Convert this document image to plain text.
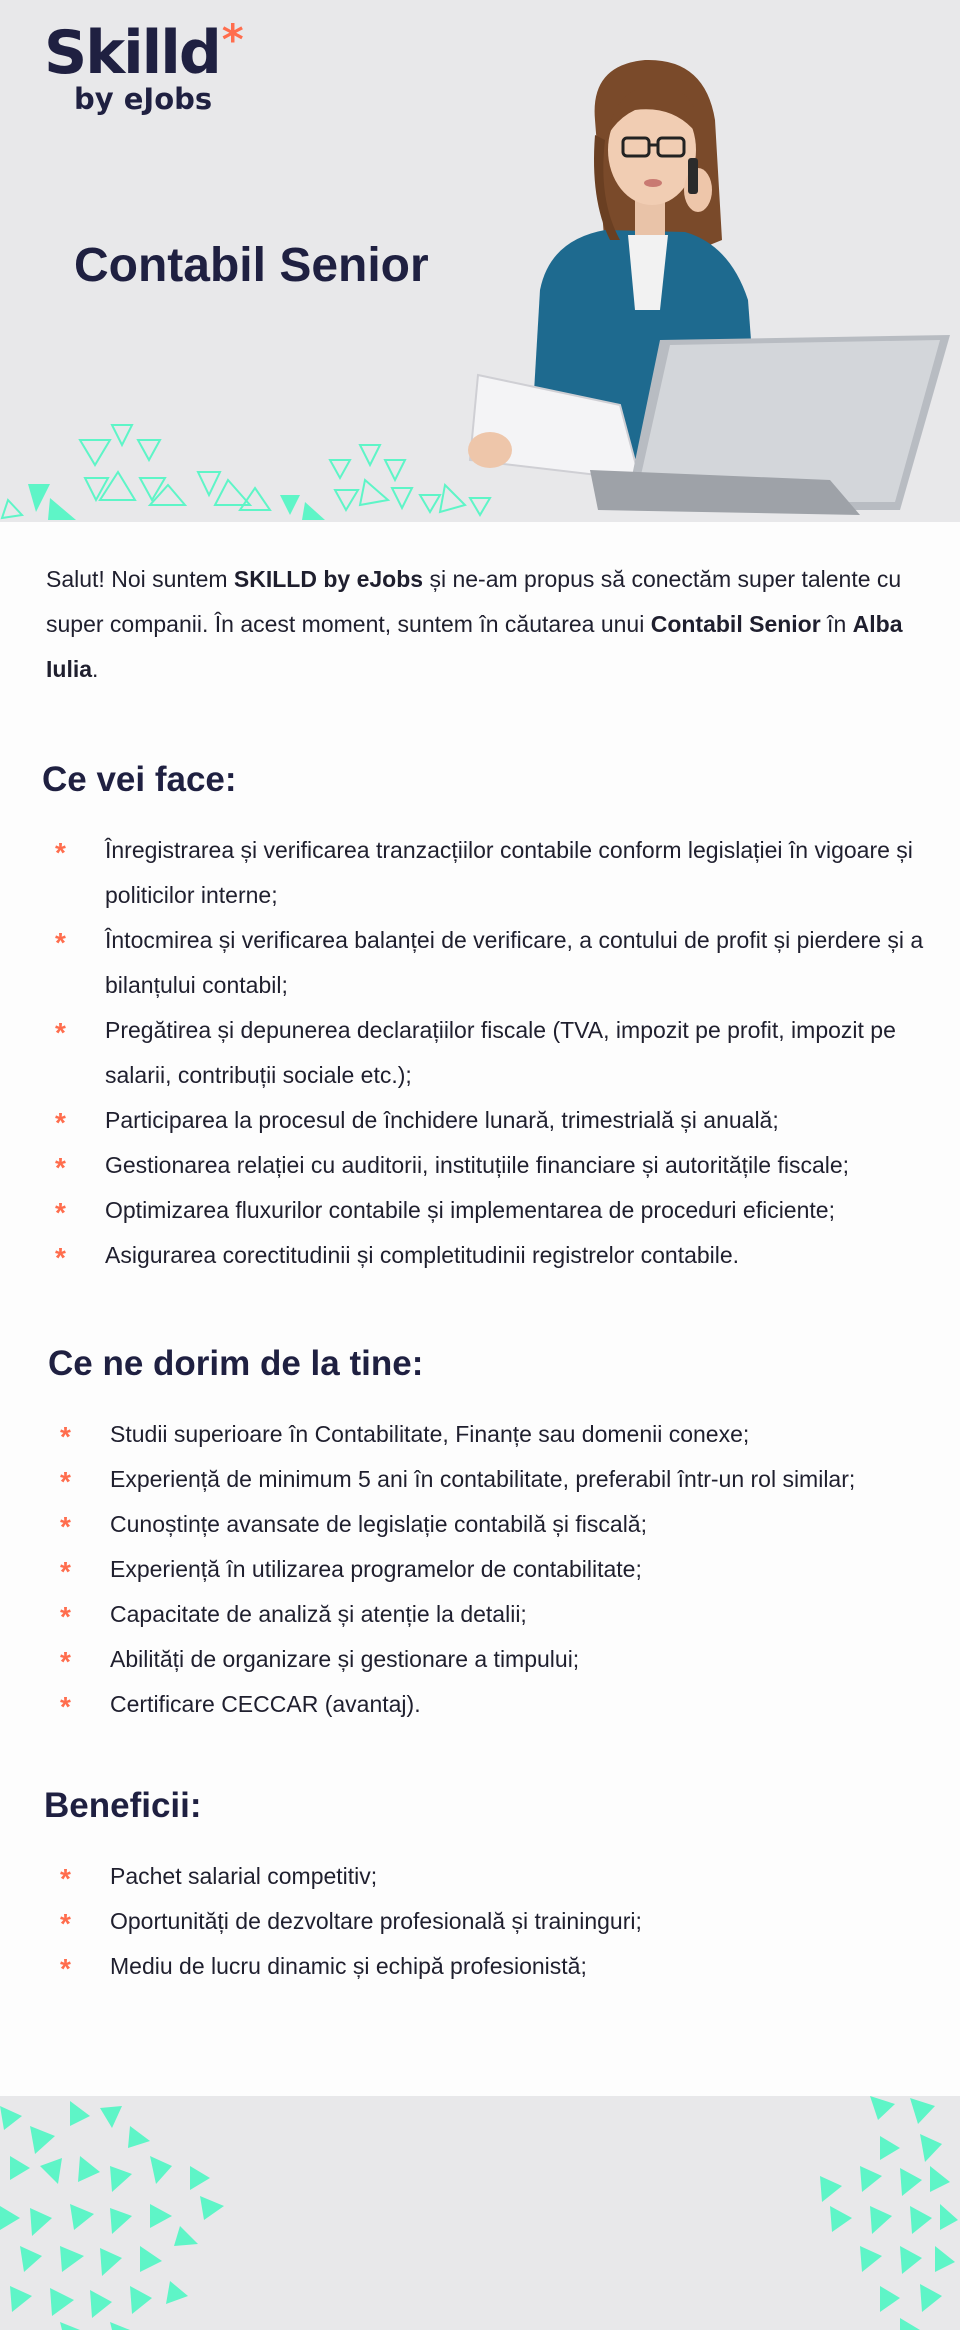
Skilld *
by eJobs
Contabil Senior

Salut! Noi suntem SKILLD by eJobs și ne-am propus să conectăm super talente cu super companii. În acest moment, suntem în căutarea unui Contabil Senior în Alba Iulia.

Ce vei face:
* Înregistrarea și verificarea tranzacțiilor contabile conform legislației în vigoare și politicilor interne;
* Întocmirea și verificarea balanței de verificare, a contului de profit și pierdere și a bilanțului contabil;
* Pregătirea și depunerea declarațiilor fiscale (TVA, impozit pe profit, impozit pe salarii, contribuții sociale etc.);
* Participarea la procesul de închidere lunară, trimestrială și anuală;
* Gestionarea relației cu auditorii, instituțiile financiare și autoritățile fiscale;
* Optimizarea fluxurilor contabile și implementarea de proceduri eficiente;
* Asigurarea corectitudinii și completitudinii registrelor contabile.
Ce ne dorim de la tine:
* Studii superioare în Contabilitate, Finanțe sau domenii conexe;
* Experiență de minimum 5 ani în contabilitate, preferabil într-un rol similar;
* Cunoștințe avansate de legislație contabilă și fiscală;
* Experiență în utilizarea programelor de contabilitate;
* Capacitate de analiză și atenție la detalii;
* Abilități de organizare și gestionare a timpului;
* Certificare CECCAR (avantaj).
Beneficii:
* Pachet salarial competitiv;
* Oportunități de dezvoltare profesională și traininguri;
* Mediu de lucru dinamic și echipă profesionistă;
